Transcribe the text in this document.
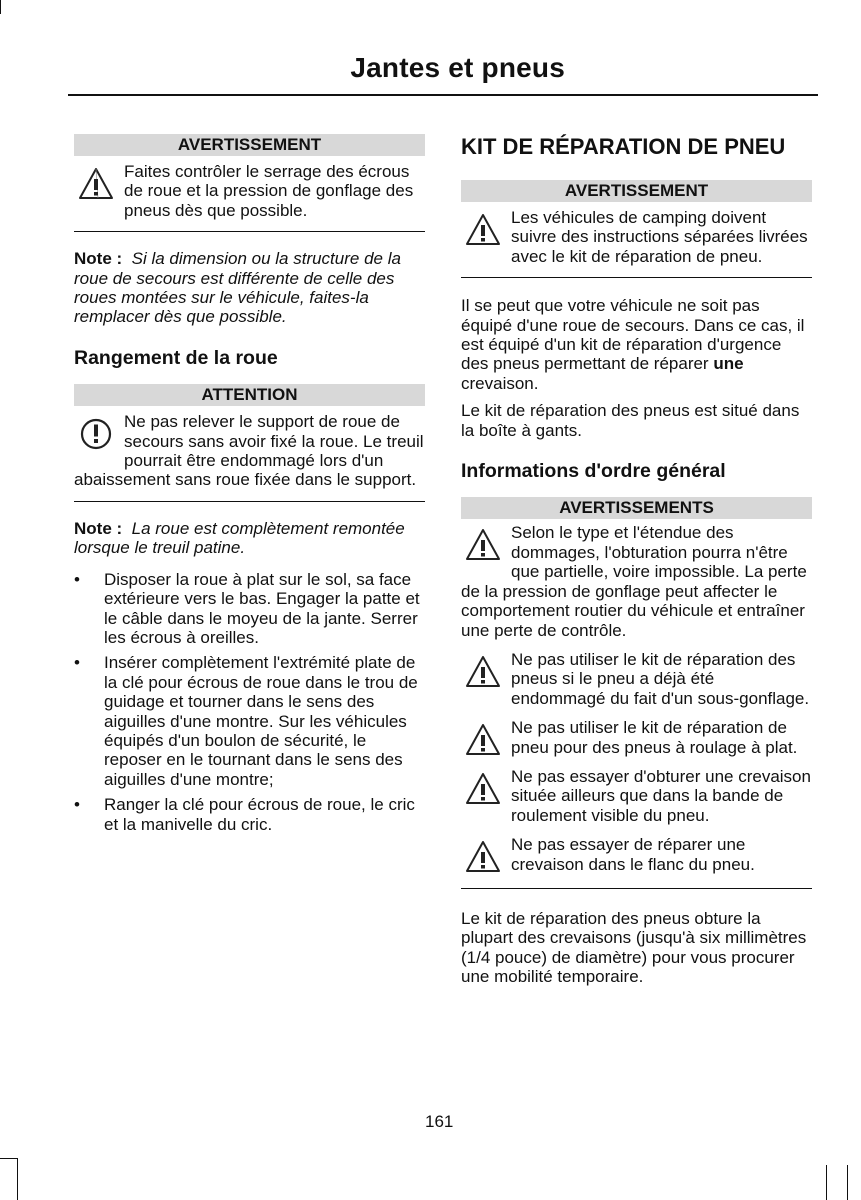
Jantes et pneus
AVERTISSEMENT

Faites contrôler le serrage des écrous de roue et la pression de gonflage des pneus dès que possible.

Note : Si la dimension ou la structure de la roue de secours est différente de celle des roues montées sur le véhicule, faites-la remplacer dès que possible.
Rangement de la roue
ATTENTION

Ne pas relever le support de roue de secours sans avoir fixé la roue. Le treuil pourrait être endommagé lors d'un abaissement sans roue fixée dans le support.

Note : La roue est complètement remontée lorsque le treuil patine.
• Disposer la roue à plat sur le sol, sa face extérieure vers le bas. Engager la patte et le câble dans le moyeu de la jante. Serrer les écrous à oreilles.
• Insérer complètement l'extrémité plate de la clé pour écrous de roue dans le trou de guidage et tourner dans le sens des aiguilles d'une montre. Sur les véhicules équipés d'un boulon de sécurité, le reposer en le tournant dans le sens des aiguilles d'une montre;
• Ranger la clé pour écrous de roue, le cric et la manivelle du cric.
KIT DE RÉPARATION DE PNEU
AVERTISSEMENT

Les véhicules de camping doivent suivre des instructions séparées livrées avec le kit de réparation de pneu.

Il se peut que votre véhicule ne soit pas équipé d'une roue de secours. Dans ce cas, il est équipé d'un kit de réparation d'urgence des pneus permettant de réparer une crevaison.

Le kit de réparation des pneus est situé dans la boîte à gants.

Informations d'ordre général
AVERTISSEMENTS

Selon le type et l'étendue des dommages, l'obturation pourra n'être que partielle, voire impossible. La perte de la pression de gonflage peut affecter le comportement routier du véhicule et entraîner une perte de contrôle.

Ne pas utiliser le kit de réparation des pneus si le pneu a déjà été endommagé du fait d'un sous-gonflage.

Ne pas utiliser le kit de réparation de pneu pour des pneus à roulage à plat.

Ne pas essayer d'obturer une crevaison située ailleurs que dans la bande de roulement visible du pneu.

Ne pas essayer de réparer une crevaison dans le flanc du pneu.

Le kit de réparation des pneus obture la plupart des crevaisons (jusqu'à six millimètres (1/4 pouce) de diamètre) pour vous procurer une mobilité temporaire.

161
